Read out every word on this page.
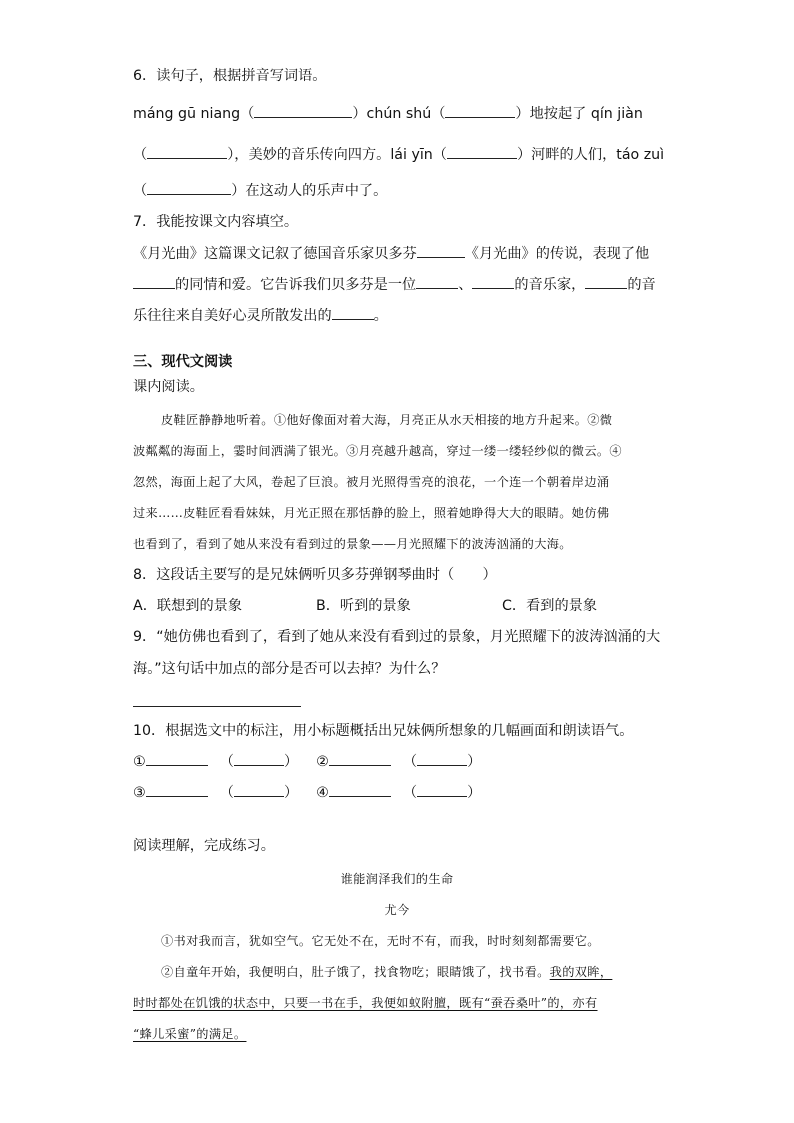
6．读句子，根据拼音写词语。
máng gū niang（	）chún shú（	）地按起了 qín jiàn
（	），美妙的音乐传向四方。lái yīn（	）河畔的人们，táo zuì
（	）在这动人的乐声中了。
7．我能按课文内容填空。
《月光曲》这篇课文记叙了德国音乐家贝多芬	《月光曲》的传说，表现了他
的同情和爱。它告诉我们贝多芬是一位	、	的音乐家，	的音
乐往往来自美好心灵所散发出的	。
三、现代文阅读
课内阅读。
皮鞋匠静静地听着。①他好像面对着大海，月亮正从水天相接的地方升起来。②微
波粼粼的海面上，霎时间洒满了银光。③月亮越升越高，穿过一缕一缕轻纱似的微云。④
忽然，海面上起了大风，卷起了巨浪。被月光照得雪亮的浪花，一个连一个朝着岸边涌
过来……皮鞋匠看看妹妹，月光正照在那恬静的脸上，照着她睁得大大的眼睛。她仿佛
也看到了，看到了她从来没有看到过的景象——月光照耀下的波涛汹涌的大海。
8．这段话主要写的是兄妹俩听贝多芬弹钢琴曲时（　　）
A．联想到的景象	B．听到的景象	C．看到的景象
9．“她仿佛也看到了，看到了她从来没有看到过的景象，月光照耀下的波涛汹涌的大
海。”这句话中加点的部分是否可以去掉？为什么？
10．根据选文中的标注，用小标题概括出兄妹俩所想象的几幅画面和朗读语气。
①	（	） ②	（	）
③	（	） ④	（	）
阅读理解，完成练习。
谁能润泽我们的生命
尤今
①书对我而言，犹如空气。它无处不在，无时不有，而我，时时刻刻都需要它。
②自童年开始，我便明白，肚子饿了，找食物吃；眼睛饿了，找书看。我的双眸，
时时都处在饥饿的状态中，只要一书在手，我便如蚁附膻，既有“蚕吞桑叶”的，亦有
“蜂儿采蜜”的满足。
